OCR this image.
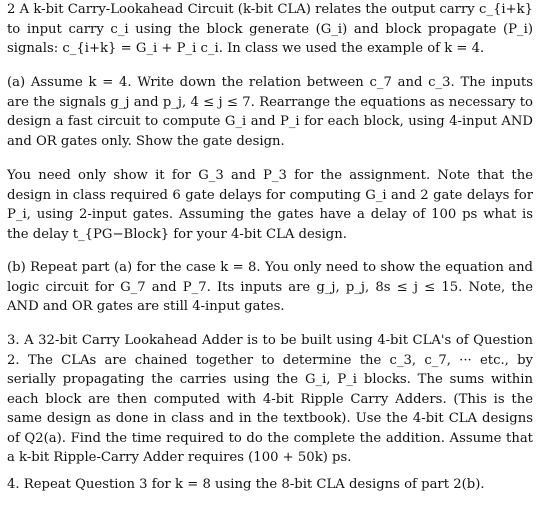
2 A k-bit Carry-Lookahead Circuit (k-bit CLA) relates the output carry c_{i+k} to input carry c_i using the block generate (G_i) and block propagate (P_i) signals: c_{i+k} = G_i + P_i c_i. In class we used the example of k = 4.
(a) Assume k = 4. Write down the relation between c_7 and c_3. The inputs are the signals g_j and p_j, 4 ≤ j ≤ 7. Rearrange the equations as necessary to design a fast circuit to compute G_i and P_i for each block, using 4-input AND and OR gates only. Show the gate design.
You need only show it for G_3 and P_3 for the assignment. Note that the design in class required 6 gate delays for computing G_i and 2 gate delays for P_i, using 2-input gates. Assuming the gates have a delay of 100 ps what is the delay t_{PG−Block} for your 4-bit CLA design.
(b) Repeat part (a) for the case k = 8. You only need to show the equation and logic circuit for G_7 and P_7. Its inputs are g_j, p_j, 8s ≤ j ≤ 15. Note, the AND and OR gates are still 4-input gates.
3. A 32-bit Carry Lookahead Adder is to be built using 4-bit CLA's of Question 2. The CLAs are chained together to determine the c_3, c_7, ··· etc., by serially propagating the carries using the G_i, P_i blocks. The sums within each block are then computed with 4-bit Ripple Carry Adders. (This is the same design as done in class and in the textbook). Use the 4-bit CLA designs of Q2(a). Find the time required to do the complete the addition. Assume that a k-bit Ripple-Carry Adder requires (100 + 50k) ps.
4. Repeat Question 3 for k = 8 using the 8-bit CLA designs of part 2(b).
